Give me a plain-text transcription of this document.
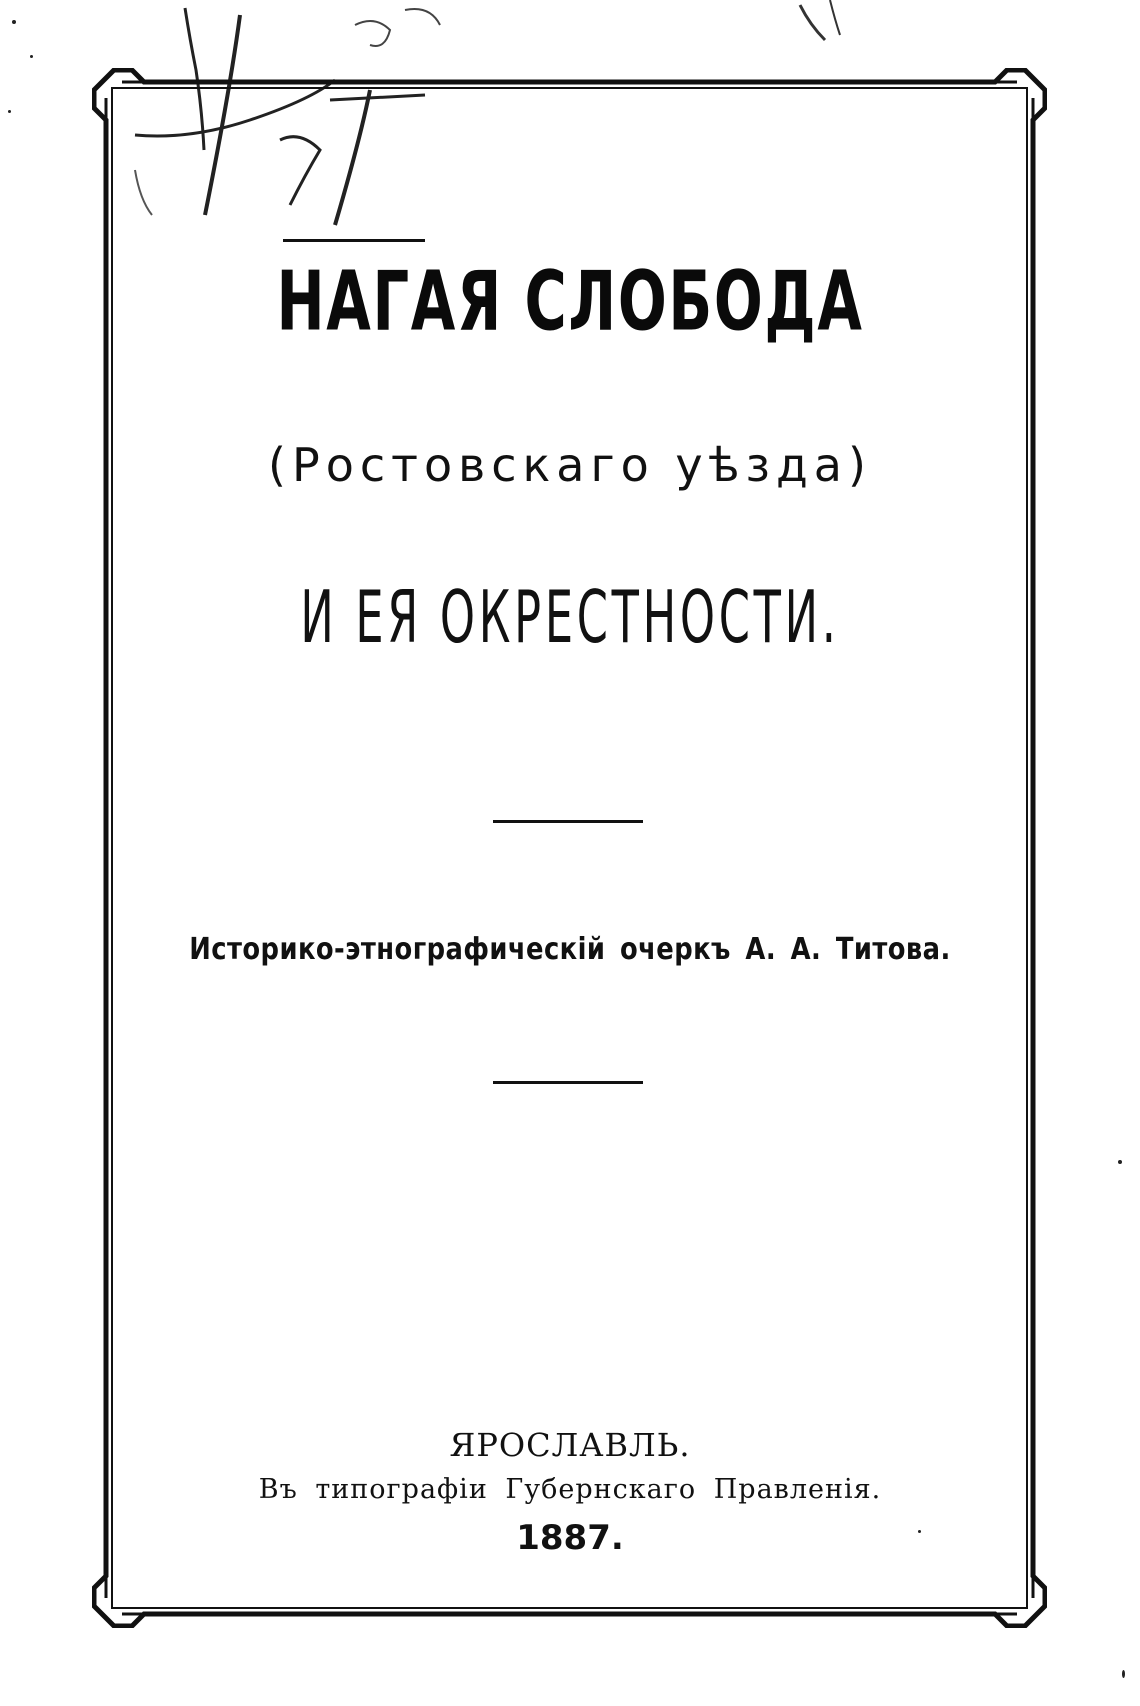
НАГАЯ СЛОБОДА
(Ростовскаго уѣзда)
И ЕЯ ОКРЕСТНОСТИ.
Историко-этнографическій очеркъ А. А. Титова.
ЯРОСЛАВЛЬ.
Въ типографіи Губернскаго Правленія.
1887.
